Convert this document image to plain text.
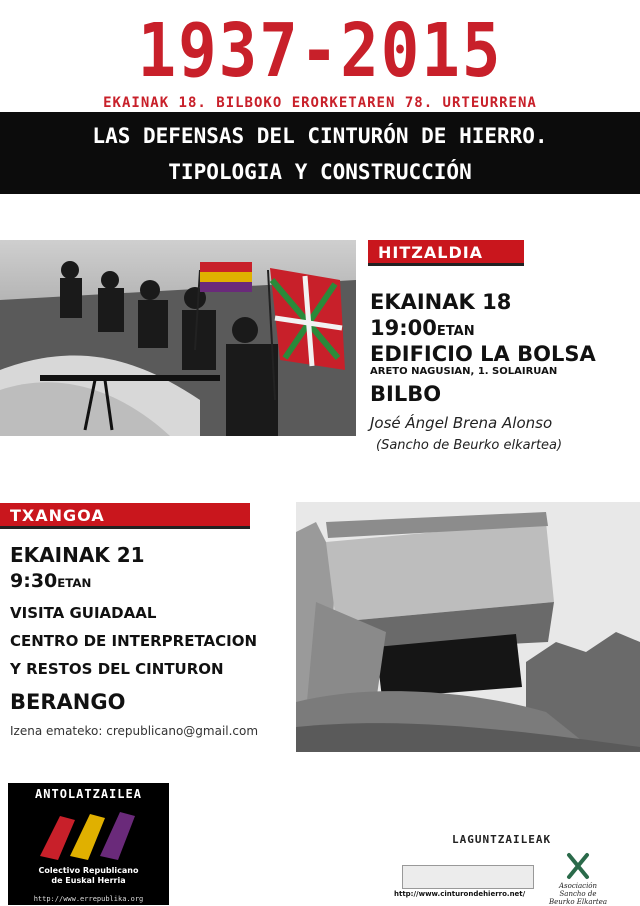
1937-2015
EKAINAK 18. BILBOKO ERORKETAREN 78. URTEURRENA
LAS DEFENSAS DEL CINTURÓN DE HIERRO.
TIPOLOGIA Y CONSTRUCCIÓN
HITZALDIA
EKAINAK 18
19:00ETAN
EDIFICIO LA BOLSA
ARETO NAGUSIAN, 1. SOLAIRUAN
BILBO
José Ángel Brena Alonso
(Sancho de Beurko elkartea)
TXANGOA
EKAINAK 21
9:30ETAN
VISITA GUIADAAL
CENTRO DE INTERPRETACION
Y RESTOS DEL CINTURON
BERANGO
Izena emateko: crepublicano@gmail.com
ANTOLATZAILEA
Colectivo Republicano
de Euskal Herria
http://www.errepublika.org
LAGUNTZAILEAK
http://www.cinturondehierro.net/
Asociación Sancho de Beurko Elkartea
